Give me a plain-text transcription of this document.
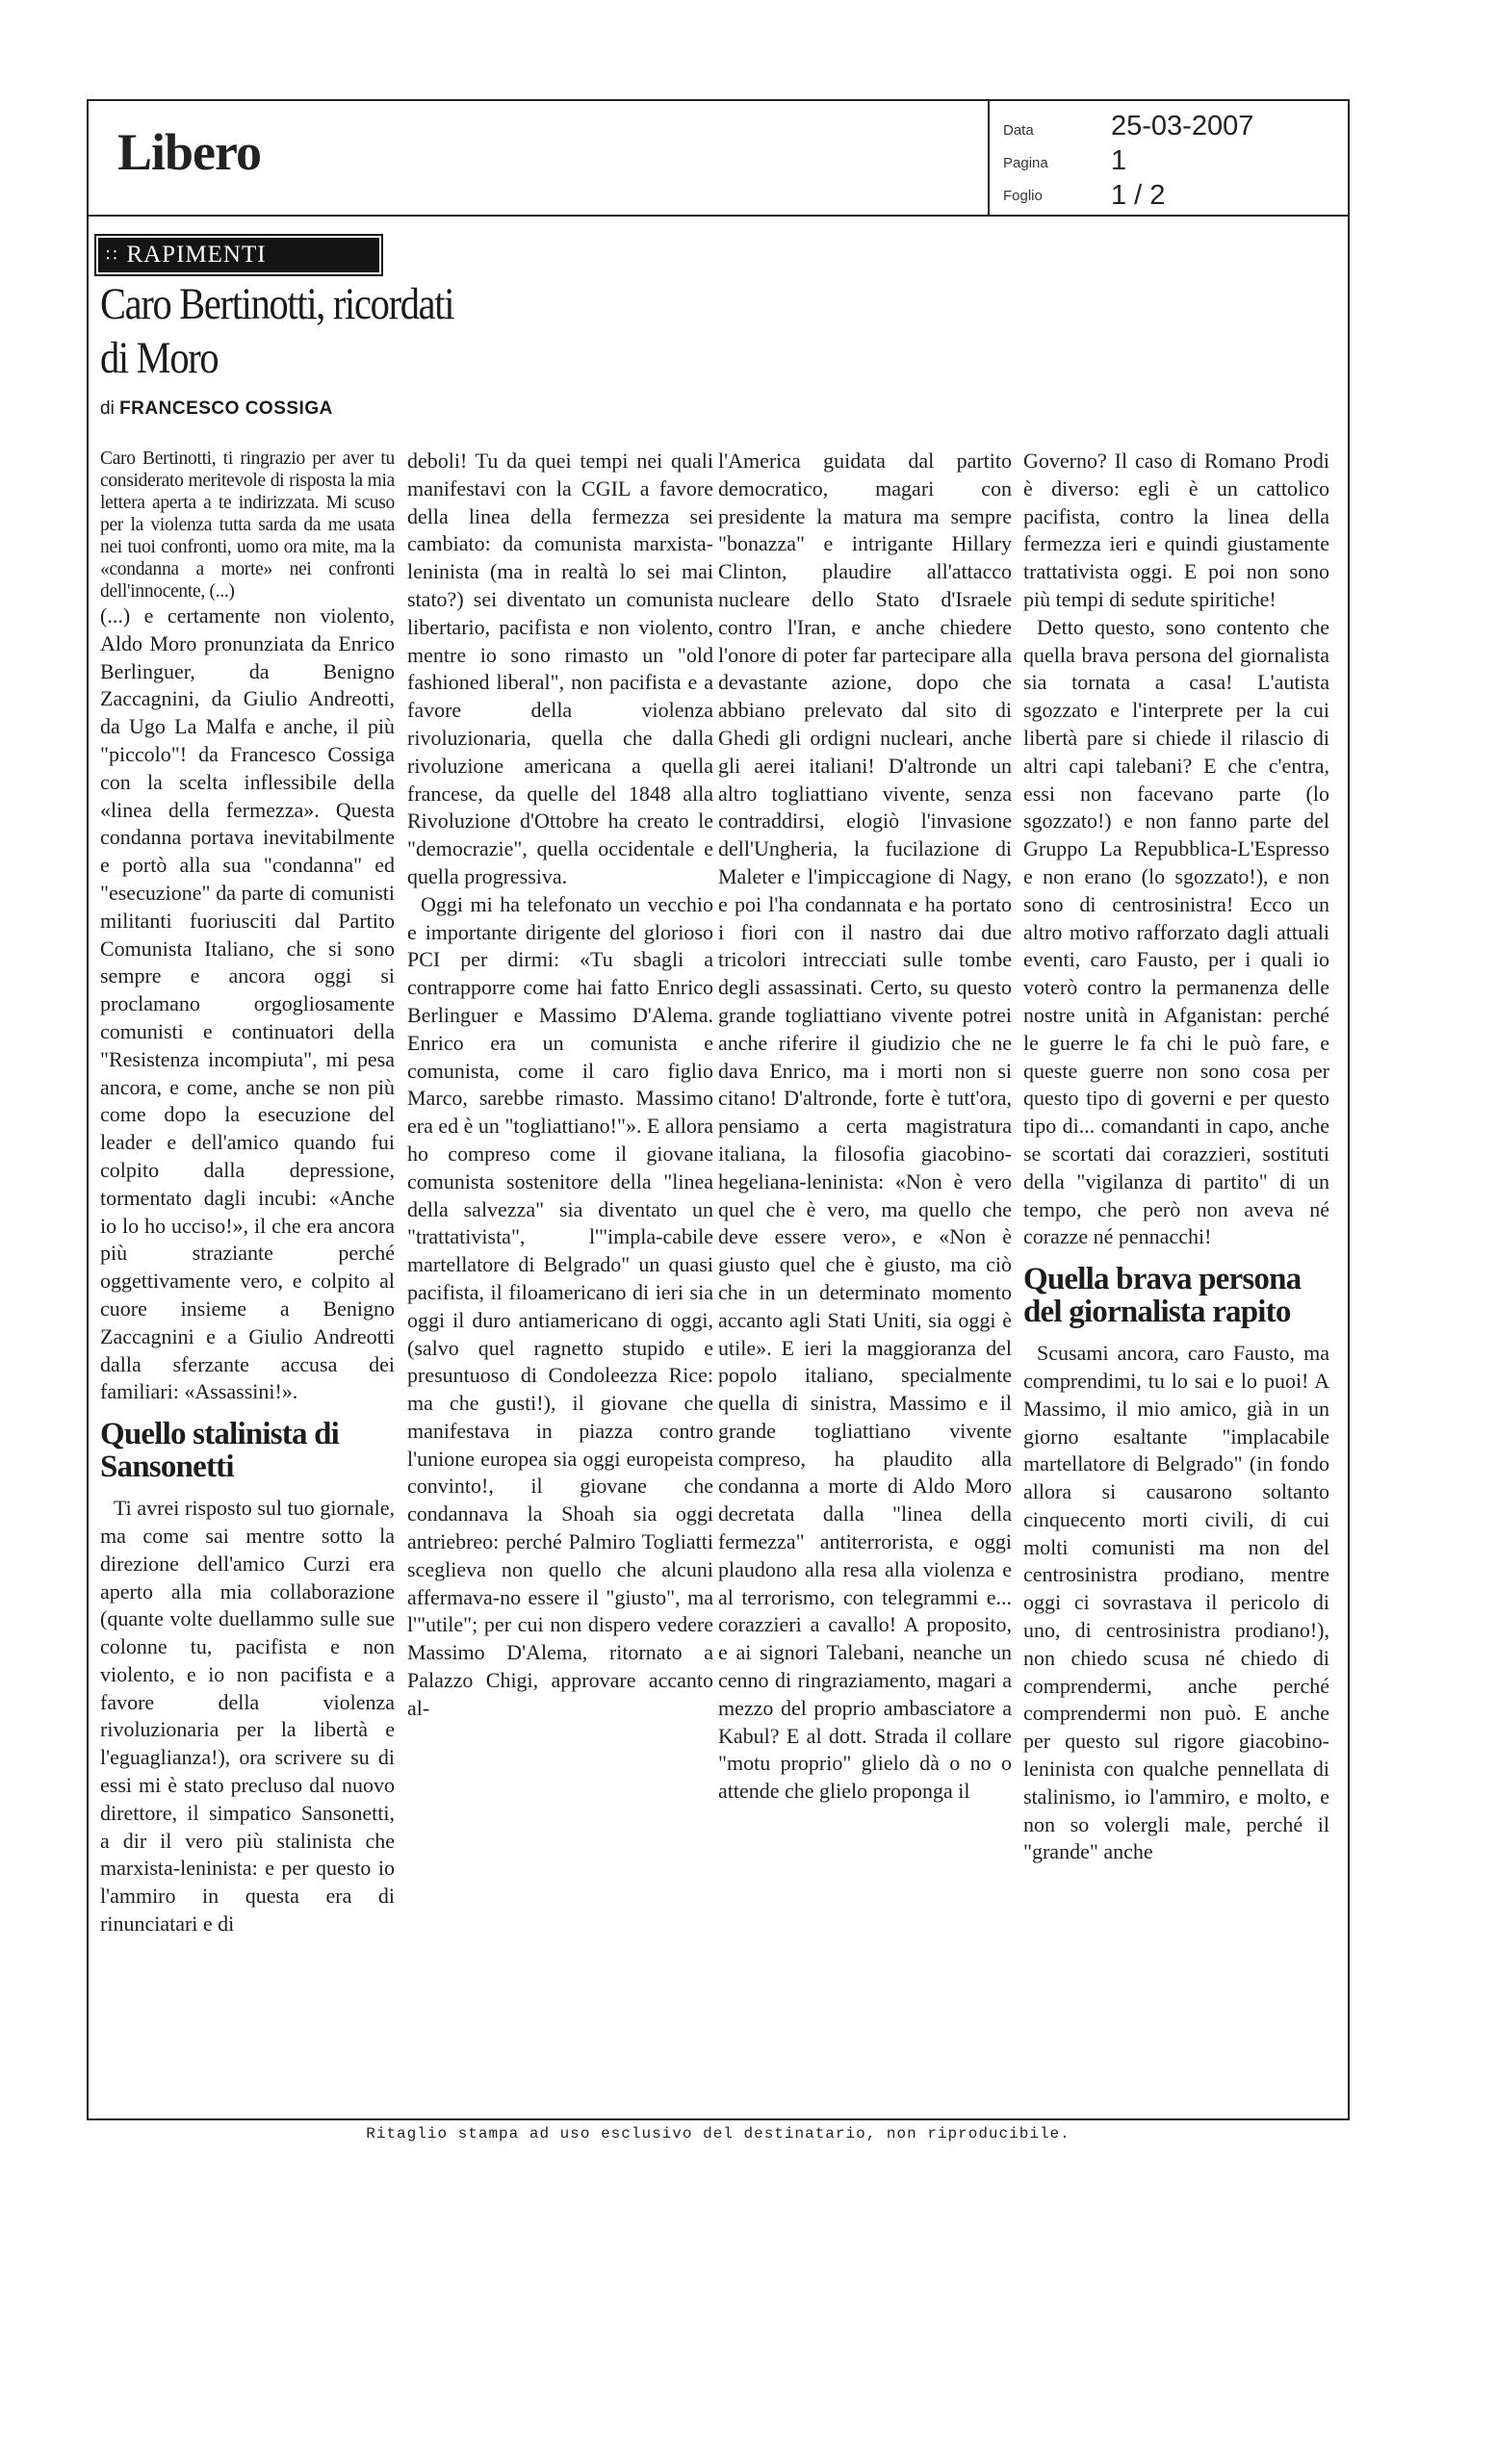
Libero	Data	25-03-2007
Pagina 1
Foglio 1 / 2
∷ RAPIMENTI
Caro Bertinotti, ricordati di Moro
di FRANCESCO COSSIGA

Caro Bertinotti, ti ringrazio per aver tu considerato meritevole di risposta la mia lettera aperta a te indirizzata. Mi scuso per la violenza tutta sarda da me usata nei tuoi confronti, uomo ora mite, ma la «condanna a morte» nei confronti dell'innocente, (...)

(...) e certamente non violento, Aldo Moro pronunziata da Enrico Berlinguer, da Benigno Zaccagnini, da Giulio Andreotti, da Ugo La Malfa e anche, il più "piccolo"! da Francesco Cossiga con la scelta inflessibile della «linea della fermezza». Questa condanna portava inevitabilmente e portò alla sua "condanna" ed "esecuzione" da parte di comunisti militanti fuoriusciti dal Partito Comunista Italiano, che si sono sempre e ancora oggi si proclamano orgogliosamente comunisti e continuatori della "Resistenza incompiuta", mi pesa ancora, e come, anche se non più come dopo la esecuzione del leader e dell'amico quando fui colpito dalla depressione, tormentato dagli incubi: «Anche io lo ho ucciso!», il che era ancora più straziante perché oggettivamente vero, e colpito al cuore insieme a Benigno Zaccagnini e a Giulio Andreotti dalla sferzante accusa dei familiari: «Assassini!».

Quello stalinista di Sansonetti

Ti avrei risposto sul tuo giornale, ma come sai mentre sotto la direzione dell'amico Curzi era aperto alla mia collaborazione (quante volte duellammo sulle sue colonne tu, pacifista e non violento, e io non pacifista e a favore della violenza rivoluzionaria per la libertà e l'eguaglianza!), ora scrivere su di essi mi è stato precluso dal nuovo direttore, il simpatico Sansonetti, a dir il vero più stalinista che marxista-leninista: e per questo io l'ammiro in questa era di rinunciatari e di

deboli! Tu da quei tempi nei quali manifestavi con la CGIL a favore della linea della fermezza sei cambiato: da comunista marxista-leninista (ma in realtà lo sei mai stato?) sei diventato un comunista libertario, pacifista e non violento, mentre io sono rimasto un "old fashioned liberal", non pacifista e a favore della violenza rivoluzionaria, quella che dalla rivoluzione americana a quella francese, da quelle del 1848 alla Rivoluzione d'Ottobre ha creato le "democrazie", quella occidentale e quella progressiva.

Oggi mi ha telefonato un vecchio e importante dirigente del glorioso PCI per dirmi: «Tu sbagli a contrapporre come hai fatto Enrico Berlinguer e Massimo D'Alema. Enrico era un comunista e comunista, come il caro figlio Marco, sarebbe rimasto. Massimo era ed è un "togliattiano!"». E allora ho compreso come il giovane comunista sostenitore della "linea della salvezza" sia diventato un "trattativista", l'"impla-cabile martellatore di Belgrado" un quasi pacifista, il filoamericano di ieri sia oggi il duro antiamericano di oggi, (salvo quel ragnetto stupido e presuntuoso di Condoleezza Rice: ma che gusti!), il giovane che manifestava in piazza contro l'unione europea sia oggi europeista convinto!, il giovane che condannava la Shoah sia oggi antriebreo: perché Palmiro Togliatti sceglieva non quello che alcuni affermava-no essere il "giusto", ma l'"utile"; per cui non dispero vedere Massimo D'Alema, ritornato a Palazzo Chigi, approvare accanto al-

l'America guidata dal partito democratico, magari con presidente la matura ma sempre "bonazza" e intrigante Hillary Clinton, plaudire all'attacco nucleare dello Stato d'Israele contro l'Iran, e anche chiedere l'onore di poter far partecipare alla devastante azione, dopo che abbiano prelevato dal sito di Ghedi gli ordigni nucleari, anche gli aerei italiani! D'altronde un altro togliattiano vivente, senza contraddirsi, elogiò l'invasione dell'Ungheria, la fucilazione di Maleter e l'impiccagione di Nagy, e poi l'ha condannata e ha portato i fiori con il nastro dai due tricolori intrecciati sulle tombe degli assassinati. Certo, su questo grande togliattiano vivente potrei anche riferire il giudizio che ne dava Enrico, ma i morti non si citano! D'altronde, forte è tutt'ora, pensiamo a certa magistratura italiana, la filosofia giacobino-hegeliana-leninista: «Non è vero quel che è vero, ma quello che deve essere vero», e «Non è giusto quel che è giusto, ma ciò che in un determinato momento accanto agli Stati Uniti, sia oggi è utile». E ieri la maggioranza del popolo italiano, specialmente quella di sinistra, Massimo e il grande togliattiano vivente compreso, ha plaudito alla condanna a morte di Aldo Moro decretata dalla "linea della fermezza" antiterrorista, e oggi plaudono alla resa alla violenza e al terrorismo, con telegrammi e... corazzieri a cavallo! A proposito, e ai signori Talebani, neanche un cenno di ringraziamento, magari a mezzo del proprio ambasciatore a Kabul? E al dott. Strada il collare "motu proprio" glielo dà o no o attende che glielo proponga il

Governo? Il caso di Romano Prodi è diverso: egli è un cattolico pacifista, contro la linea della fermezza ieri e quindi giustamente trattativista oggi. E poi non sono più tempi di sedute spiritiche!

Detto questo, sono contento che quella brava persona del giornalista sia tornata a casa! L'autista sgozzato e l'interprete per la cui libertà pare si chiede il rilascio di altri capi talebani? E che c'entra, essi non facevano parte (lo sgozzato!) e non fanno parte del Gruppo La Repubblica-L'Espresso e non erano (lo sgozzato!), e non sono di centrosinistra! Ecco un altro motivo rafforzato dagli attuali eventi, caro Fausto, per i quali io voterò contro la permanenza delle nostre unità in Afganistan: perché le guerre le fa chi le può fare, e queste guerre non sono cosa per questo tipo di governi e per questo tipo di... comandanti in capo, anche se scortati dai corazzieri, sostituti della "vigilanza di partito" di un tempo, che però non aveva né corazze né pennacchi!

Quella brava persona del giornalista rapito

Scusami ancora, caro Fausto, ma comprendimi, tu lo sai e lo puoi! A Massimo, il mio amico, già in un giorno esaltante "implacabile martellatore di Belgrado" (in fondo allora si causarono soltanto cinquecento morti civili, di cui molti comunisti ma non del centrosinistra prodiano, mentre oggi ci sovrastava il pericolo di uno, di centrosinistra prodiano!), non chiedo scusa né chiedo di comprendermi, anche perché comprendermi non può. E anche per questo sul rigore giacobino-leninista con qualche pennellata di stalinismo, io l'ammiro, e molto, e non so volergli male, perché il "grande" anche

Ritaglio stampa ad uso esclusivo del destinatario, non riproducibile.
